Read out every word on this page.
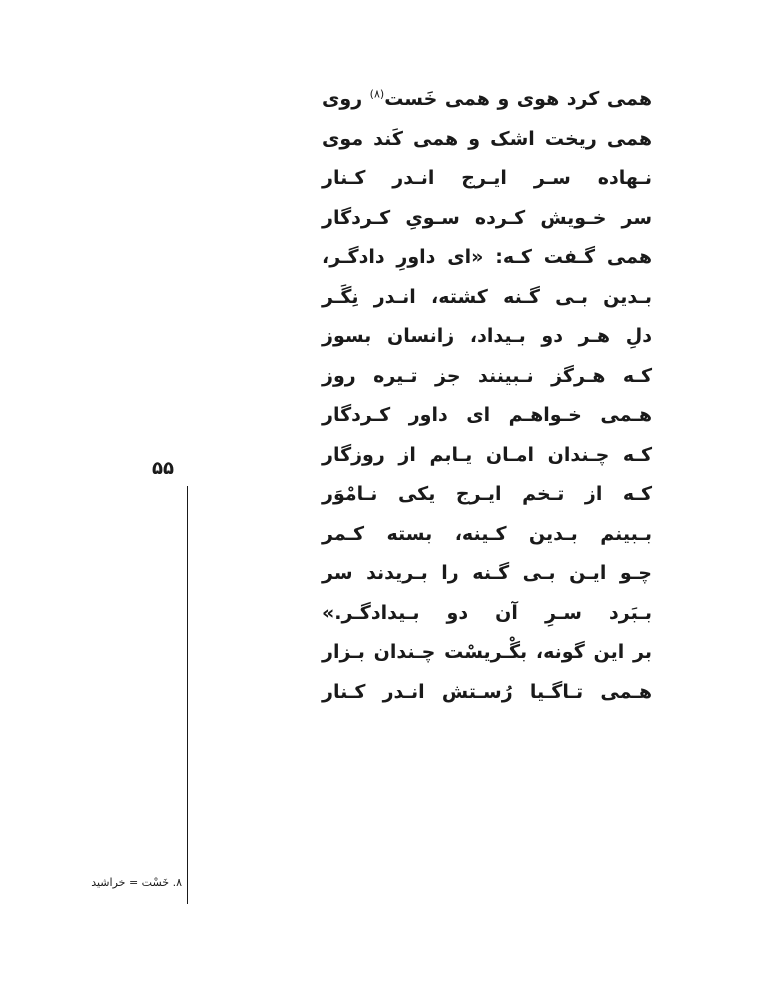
همی کرد هوی و همی خَست$^{(۸)}$ روی
همی ریخت اشک و همی کَند موی
نـهاده سـر ایـرج انـدر کـنار
سر خـویش کـرده سـویِ کـردگار
همی گـفت کـه: «ای داورِ دادگـر،
بـدین بـی گـنه کشته، انـدر نِگَـر
دلِ هـر دو بـیداد، زانسان بسوز
کـه هـرگز نـبینند جز تـیره روز
هـمی خـواهـم ای داور کـردگار
کـه چـندان امـان یـابم از روزگار
کـه از تـخم ایـرج یکی نـامْوَر
بـبینم بـدین کـینه، بسته کـمر
چـو ایـن بـی گـنه را بـریدند سر
بـبَرد سـرِ آن دو بـیدادگـر.»
بر این گونه، بگْـریسْت چـندان بـزار
هـمی تـاگـیا رُسـتش انـدر کـنار
۵۵
۸. خَسْت = خراشید
